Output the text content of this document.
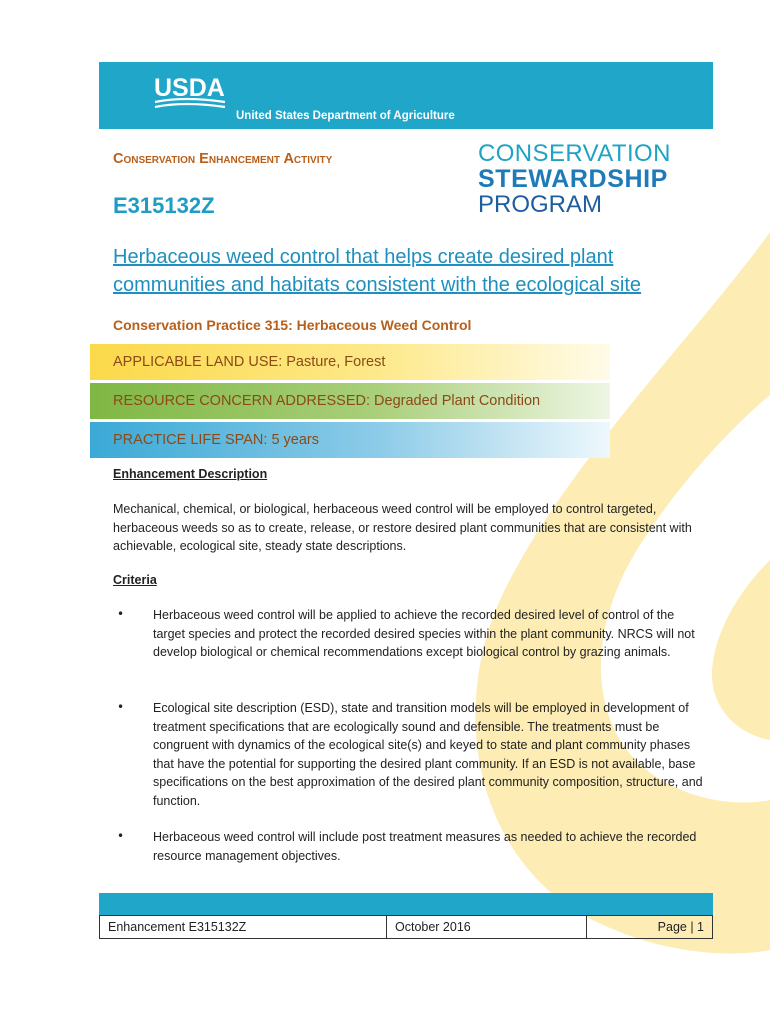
USDA
United States Department of Agriculture
Conservation Enhancement Activity
E315132Z
CONSERVATION
STEWARDSHIP
PROGRAM
Herbaceous weed control that helps create desired plant communities and habitats consistent with the ecological site
Conservation Practice 315: Herbaceous Weed Control
APPLICABLE LAND USE: Pasture, Forest
RESOURCE CONCERN ADDRESSED: Degraded Plant Condition
PRACTICE LIFE SPAN: 5 years
Enhancement Description
Mechanical, chemical, or biological, herbaceous weed control will be employed to control targeted, herbaceous weeds so as to create, release, or restore desired plant communities that are consistent with achievable, ecological site, steady state descriptions.
Criteria
• Herbaceous weed control will be applied to achieve the recorded desired level of control of the target species and protect the recorded desired species within the plant community. NRCS will not develop biological or chemical recommendations except biological control by grazing animals.
• Ecological site description (ESD), state and transition models will be employed in development of treatment specifications that are ecologically sound and defensible. The treatments must be congruent with dynamics of the ecological site(s) and keyed to state and plant community phases that have the potential for supporting the desired plant community. If an ESD is not available, base specifications on the best approximation of the desired plant community composition, structure, and function.
• Herbaceous weed control will include post treatment measures as needed to achieve the recorded resource management objectives.
Enhancement E315132Z	October 2016	Page | 1
